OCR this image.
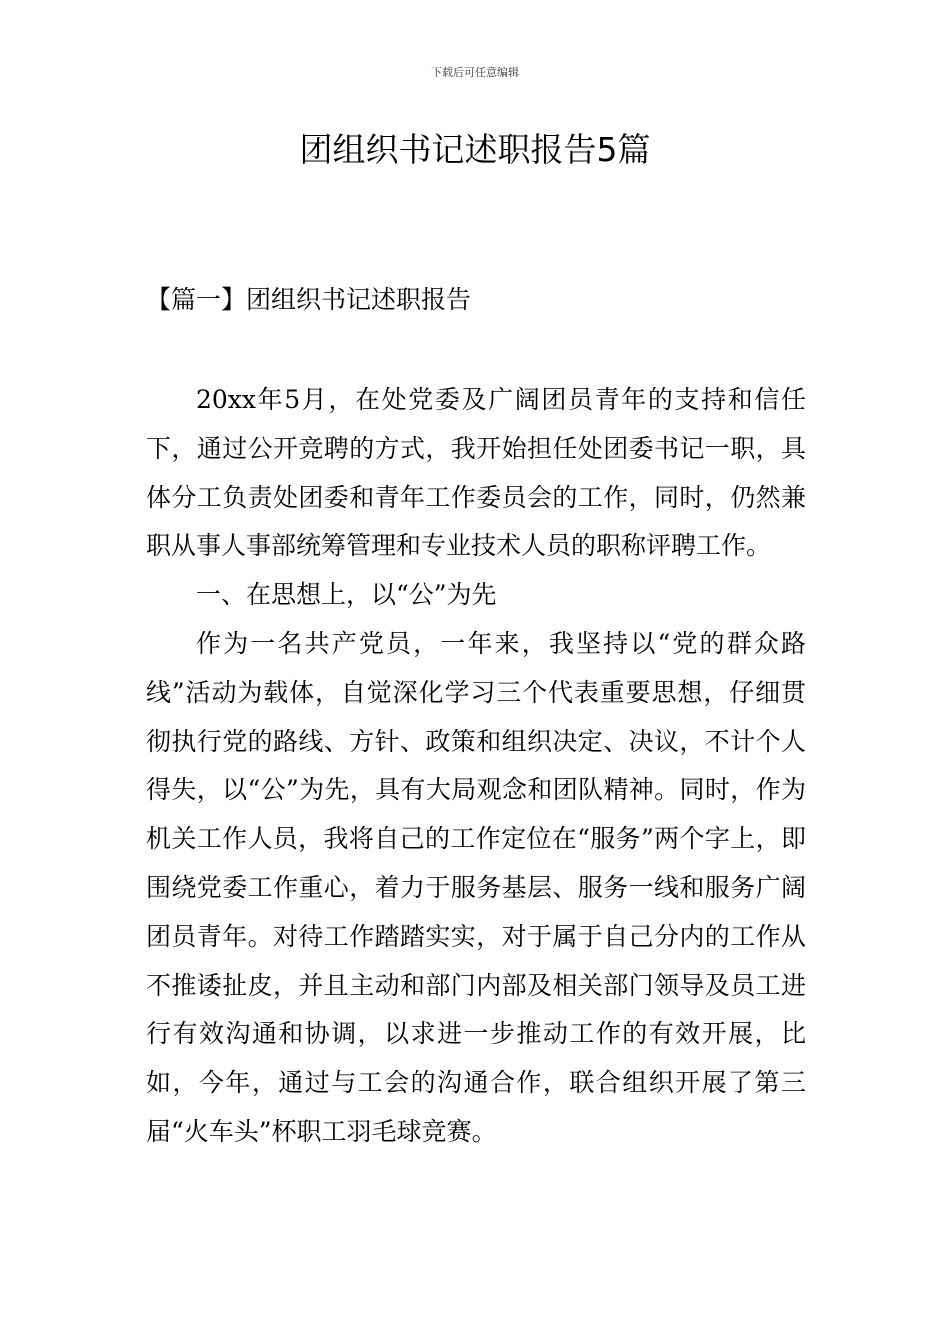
下载后可任意编辑
团组织书记述职报告5篇
【篇一】团组织书记述职报告

20xx年5月，在处党委及广阔团员青年的支持和信任下，通过公开竞聘的方式，我开始担任处团委书记一职，具体分工负责处团委和青年工作委员会的工作，同时，仍然兼职从事人事部统筹管理和专业技术人员的职称评聘工作。

一、在思想上，以“公”为先

作为一名共产党员，一年来，我坚持以“党的群众路线”活动为载体，自觉深化学习三个代表重要思想，仔细贯彻执行党的路线、方针、政策和组织决定、决议，不计个人得失，以“公”为先，具有大局观念和团队精神。同时，作为机关工作人员，我将自己的工作定位在“服务”两个字上，即围绕党委工作重心，着力于服务基层、服务一线和服务广阔团员青年。对待工作踏踏实实，对于属于自己分内的工作从不推诿扯皮，并且主动和部门内部及相关部门领导及员工进行有效沟通和协调，以求进一步推动工作的有效开展，比如，今年，通过与工会的沟通合作，联合组织开展了第三届“火车头”杯职工羽毛球竞赛。
